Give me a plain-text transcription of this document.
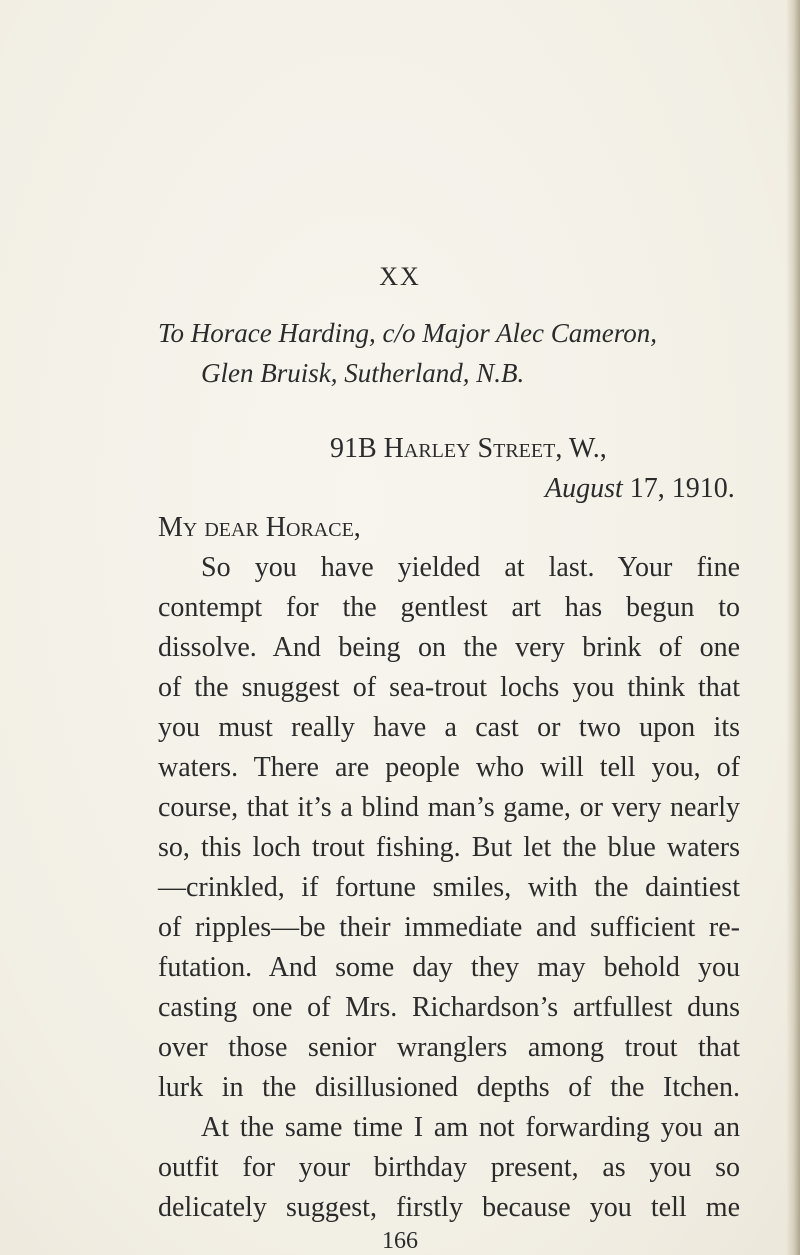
XX
To Horace Harding, c/o Major Alec Cameron,
Glen Bruisk, Sutherland, N.B.
91B Harley Street, W.,
August 17, 1910.
My dear Horace,
So you have yielded at last. Your fine
contempt for the gentlest art has begun to
dissolve. And being on the very brink of one
of the snuggest of sea-trout lochs you think that
you must really have a cast or two upon its
waters. There are people who will tell you, of
course, that it’s a blind man’s game, or very nearly
so, this loch trout fishing. But let the blue waters
—crinkled, if fortune smiles, with the daintiest
of ripples—be their immediate and sufficient re-
futation. And some day they may behold you
casting one of Mrs. Richardson’s artfullest duns
over those senior wranglers among trout that
lurk in the disillusioned depths of the Itchen.
At the same time I am not forwarding you an
outfit for your birthday present, as you so
delicately suggest, firstly because you tell me
166
